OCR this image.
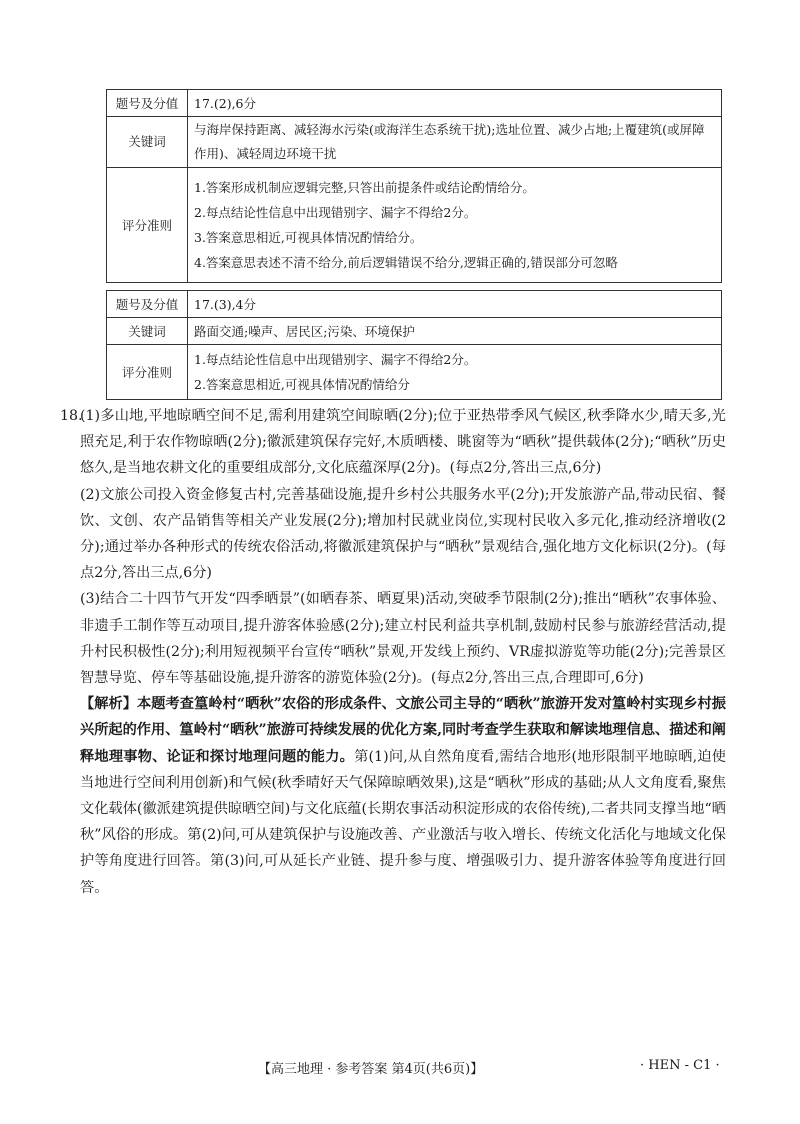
题号及分值	17.(2),6分
关键词	与海岸保持距离、减轻海水污染(或海洋生态系统干扰);选址位置、减少占地;上覆建筑(或屏障作用)、减轻周边环境干扰
评分准则	1.答案形成机制应逻辑完整,只答出前提条件或结论酌情给分。
2.每点结论性信息中出现错别字、漏字不得给2分。
3.答案意思相近,可视具体情况酌情给分。
4.答案意思表述不清不给分,前后逻辑错误不给分,逻辑正确的,错误部分可忽略
题号及分值	17.(3),4分
关键词	路面交通;噪声、居民区;污染、环境保护
评分准则	1.每点结论性信息中出现错别字、漏字不得给2分。
2.答案意思相近,可视具体情况酌情给分
18.

(1)多山地,平地晾晒空间不足,需利用建筑空间晾晒(2分);位于亚热带季风气候区,秋季降水少,晴天多,光照充足,利于农作物晾晒(2分);徽派建筑保存完好,木质晒楼、眺窗等为“晒秋”提供载体(2分);“晒秋”历史悠久,是当地农耕文化的重要组成部分,文化底蕴深厚(2分)。(每点2分,答出三点,6分)

(2)文旅公司投入资金修复古村,完善基础设施,提升乡村公共服务水平(2分);开发旅游产品,带动民宿、餐饮、文创、农产品销售等相关产业发展(2分);增加村民就业岗位,实现村民收入多元化,推动经济增收(2分);通过举办各种形式的传统农俗活动,将徽派建筑保护与“晒秋”景观结合,强化地方文化标识(2分)。(每点2分,答出三点,6分)

(3)结合二十四节气开发“四季晒景”(如晒春茶、晒夏果)活动,突破季节限制(2分);推出“晒秋”农事体验、非遗手工制作等互动项目,提升游客体验感(2分);建立村民利益共享机制,鼓励村民参与旅游经营活动,提升村民积极性(2分);利用短视频平台宣传“晒秋”景观,开发线上预约、VR虚拟游览等功能(2分);完善景区智慧导览、停车等基础设施,提升游客的游览体验(2分)。(每点2分,答出三点,合理即可,6分)

【解析】本题考查篁岭村“晒秋”农俗的形成条件、文旅公司主导的“晒秋”旅游开发对篁岭村实现乡村振兴所起的作用、篁岭村“晒秋”旅游可持续发展的优化方案,同时考查学生获取和解读地理信息、描述和阐释地理事物、论证和探讨地理问题的能力。第(1)问,从自然角度看,需结合地形(地形限制平地晾晒,迫使当地进行空间利用创新)和气候(秋季晴好天气保障晾晒效果),这是“晒秋”形成的基础;从人文角度看,聚焦文化载体(徽派建筑提供晾晒空间)与文化底蕴(长期农事活动积淀形成的农俗传统),二者共同支撑当地“晒秋”风俗的形成。第(2)问,可从建筑保护与设施改善、产业激活与收入增长、传统文化活化与地域文化保护等角度进行回答。第(3)问,可从延长产业链、提升参与度、增强吸引力、提升游客体验等角度进行回答。

【高三地理 · 参考答案 第4页(共6页)】	· HEN - C1 ·
